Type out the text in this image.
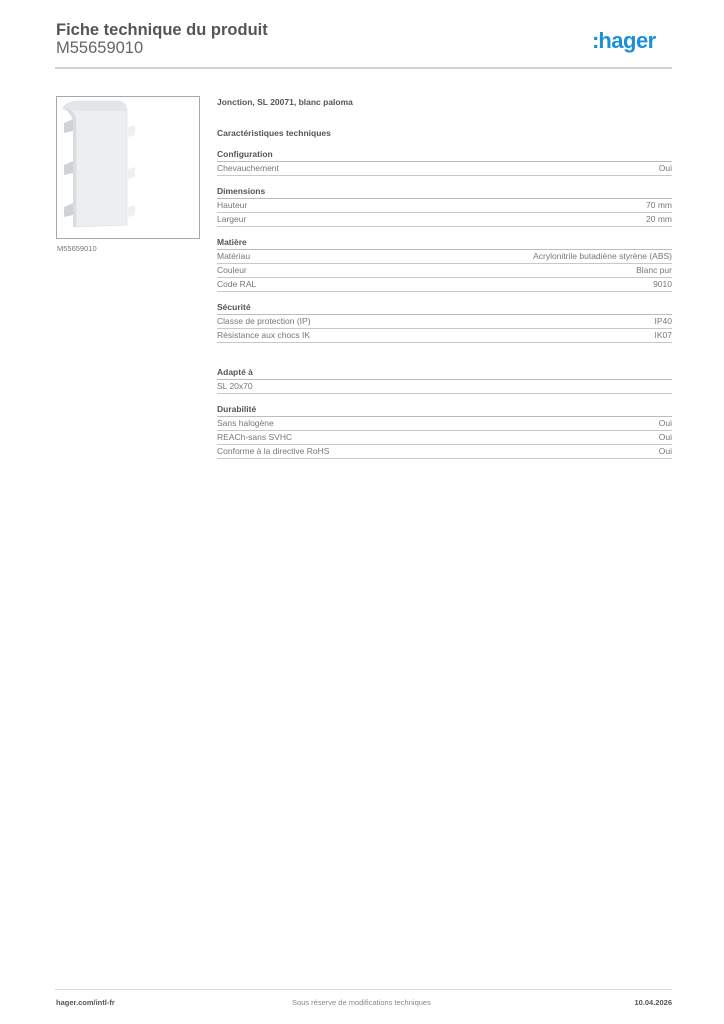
Fiche technique du produit
M55659010	:hager
M55659010
Jonction, SL 20071, blanc paloma
Caractéristiques techniques
Configuration
Chevauchement	Oui
Dimensions
Hauteur	70 mm
Largeur	20 mm
Matière
Matériau	Acrylonitrile butadiène styrène (ABS)
Couleur	Blanc pur
Code RAL	9010
Sécurité
Classe de protection (IP)	IP40
Résistance aux chocs IK	IK07
Adapté à
SL 20x70
Durabilité
Sans halogène	Oui
REACh-sans SVHC	Oui
Conforme à la directive RoHS	Oui
hager.com/intl-fr	Sous réserve de modifications techniques	10.04.2026
